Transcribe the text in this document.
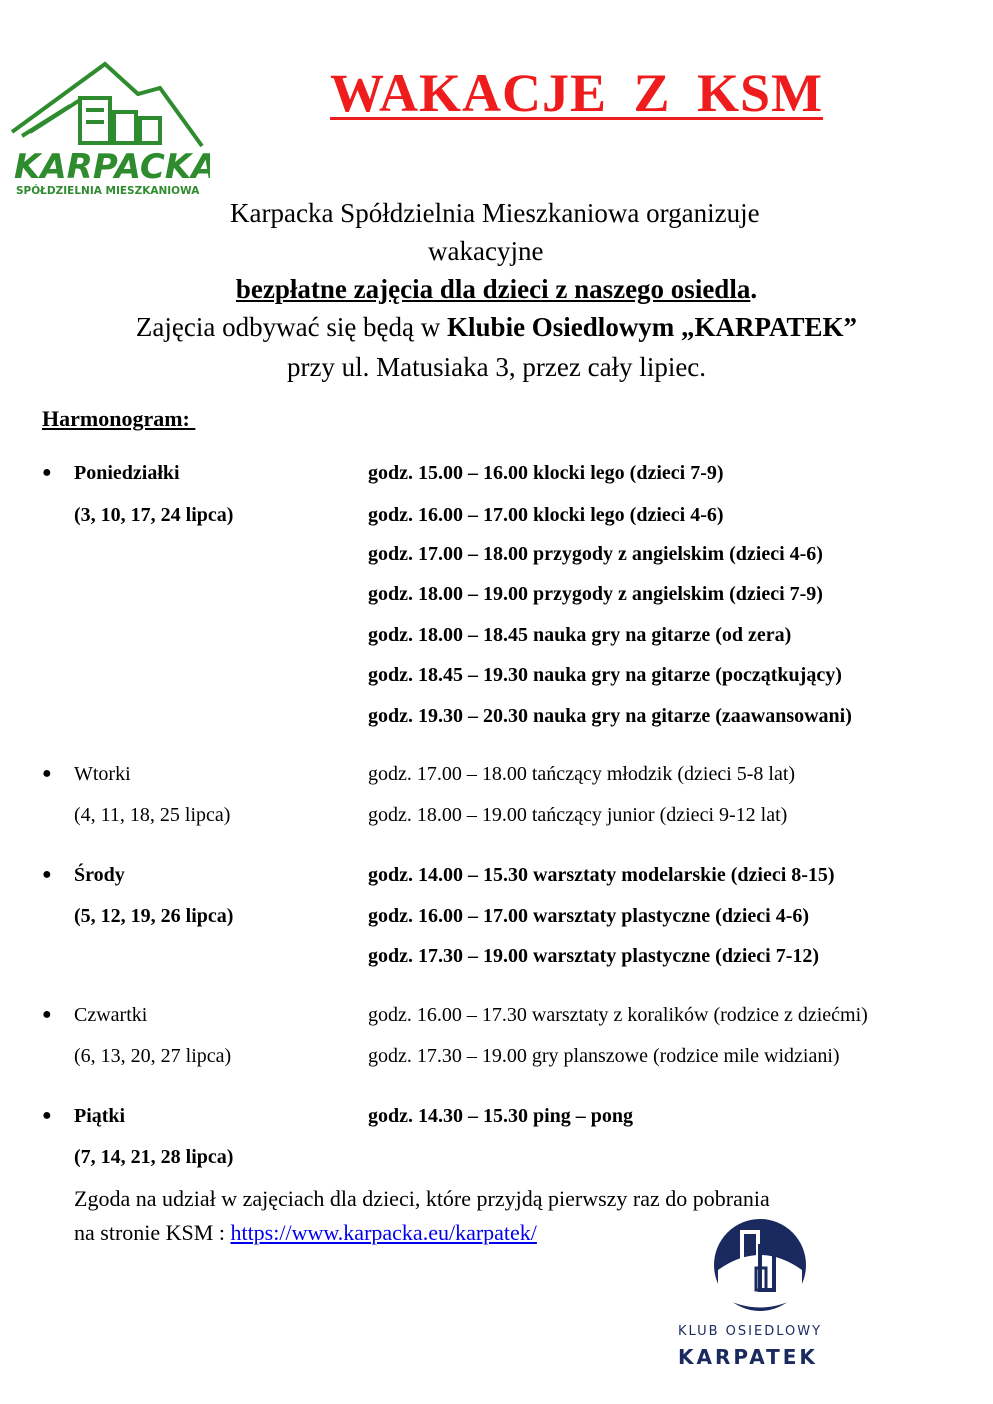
KARPACKA
SPÓŁDZIELNIA MIESZKANIOWA
WAKACJE Z KSM
Karpacka Spółdzielnia Mieszkaniowa organizuje
wakacyjne
bezpłatne zajęcia dla dzieci z naszego osiedla.
Zajęcia odbywać się będą w Klubie Osiedlowym „KARPATEK”
przy ul. Matusiaka 3, przez cały lipiec.
Harmonogram:
● Poniedziałki
(3, 10, 17, 24 lipca)
godz. 15.00 – 16.00 klocki lego (dzieci 7-9)
godz. 16.00 – 17.00 klocki lego (dzieci 4-6)
godz. 17.00 – 18.00 przygody z angielskim (dzieci 4-6)
godz. 18.00 – 19.00 przygody z angielskim (dzieci 7-9)
godz. 18.00 – 18.45 nauka gry na gitarze (od zera)
godz. 18.45 – 19.30 nauka gry na gitarze (początkujący)
godz. 19.30 – 20.30 nauka gry na gitarze (zaawansowani)
● Wtorki
(4, 11, 18, 25 lipca)
godz. 17.00 – 18.00 tańczący młodzik (dzieci 5-8 lat)
godz. 18.00 – 19.00 tańczący junior (dzieci 9-12 lat)
● Środy
(5, 12, 19, 26 lipca)
godz. 14.00 – 15.30 warsztaty modelarskie (dzieci 8-15)
godz. 16.00 – 17.00 warsztaty plastyczne (dzieci 4-6)
godz. 17.30 – 19.00 warsztaty plastyczne (dzieci 7-12)
● Czwartki
(6, 13, 20, 27 lipca)
godz. 16.00 – 17.30 warsztaty z koralików (rodzice z dziećmi)
godz. 17.30 – 19.00 gry planszowe (rodzice mile widziani)
● Piątki
(7, 14, 21, 28 lipca)
godz. 14.30 – 15.30 ping – pong
Zgoda na udział w zajęciach dla dzieci, które przyjdą pierwszy raz do pobrania
na stronie KSM : https://www.karpacka.eu/karpatek/
KLUB OSIEDLOWY
KARPATEK
